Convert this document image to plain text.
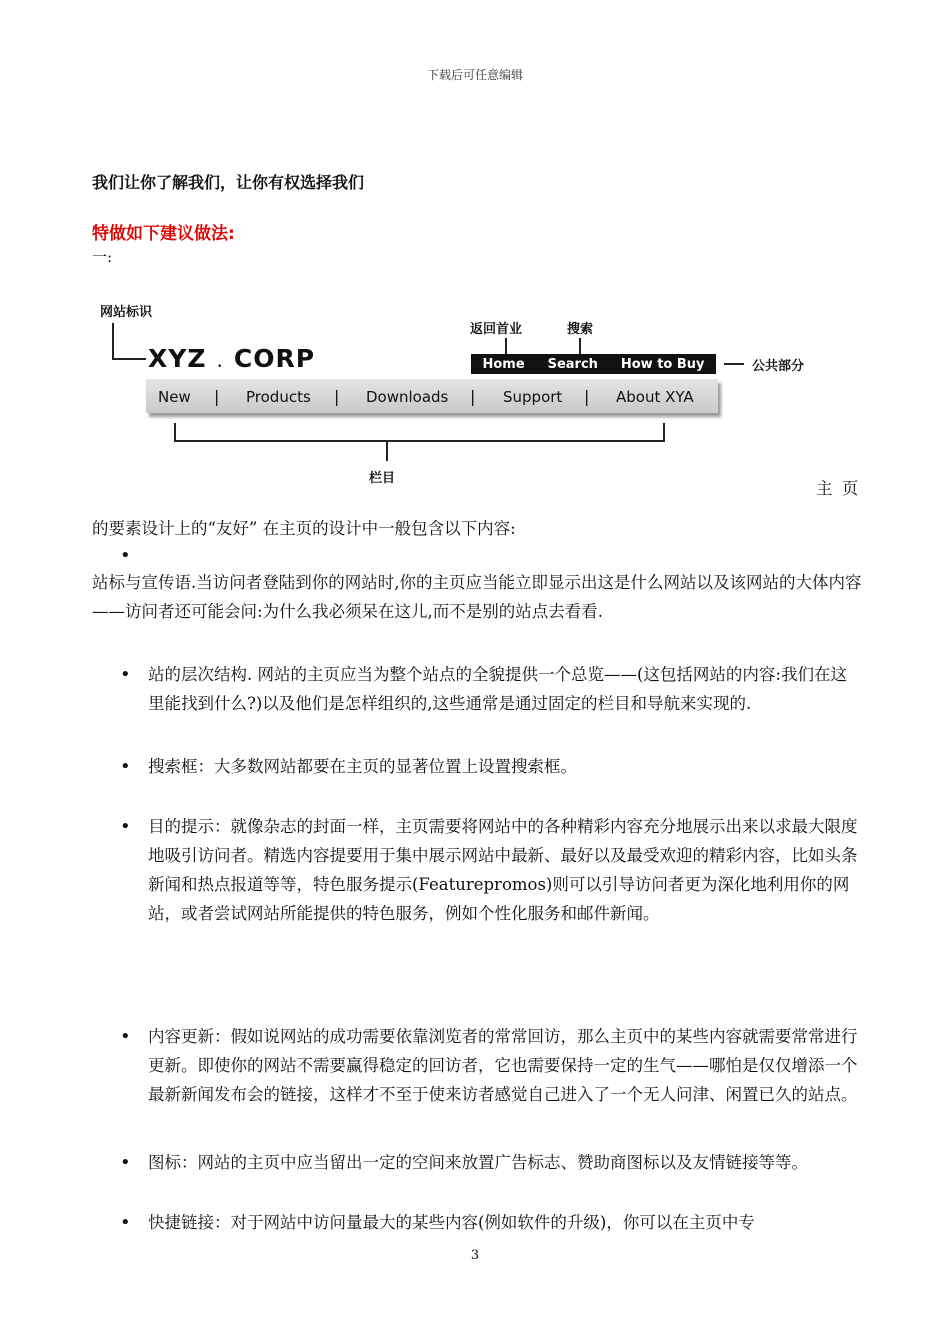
下载后可任意编辑
我们让你了解我们，让你有权选择我们
特做如下建议做法:
一:
网站标识
XYZ . CORP
返回首业	搜索
Home Search How to Buy	公共部分
New | Products | Downloads | Support | About XYA
栏目
主 页
的要素设计上的“友好” 在主页的设计中一般包含以下内容:
•
站标与宣传语.当访问者登陆到你的网站时,你的主页应当能立即显示出这是什么网站以及该网站的大体内容——访问者还可能会问:为什么我必须呆在这儿,而不是别的站点去看看.
• 站的层次结构. 网站的主页应当为整个站点的全貌提供一个总览——(这包括网站的内容:我们在这里能找到什么?)以及他们是怎样组织的,这些通常是通过固定的栏目和导航来实现的.
• 搜索框：大多数网站都要在主页的显著位置上设置搜索框。
• 目的提示：就像杂志的封面一样，主页需要将网站中的各种精彩内容充分地展示出来以求最大限度地吸引访问者。精选内容提要用于集中展示网站中最新、最好以及最受欢迎的精彩内容，比如头条新闻和热点报道等等，特色服务提示(Featurepromos)则可以引导访问者更为深化地利用你的网站，或者尝试网站所能提供的特色服务，例如个性化服务和邮件新闻。
• 内容更新：假如说网站的成功需要依靠浏览者的常常回访，那么主页中的某些内容就需要常常进行更新。即使你的网站不需要赢得稳定的回访者，它也需要保持一定的生气——哪怕是仅仅增添一个最新新闻发布会的链接，这样才不至于使来访者感觉自己进入了一个无人问津、闲置已久的站点。
• 图标：网站的主页中应当留出一定的空间来放置广告标志、赞助商图标以及友情链接等等。
• 快捷链接：对于网站中访问量最大的某些内容(例如软件的升级)，你可以在主页中专
3
